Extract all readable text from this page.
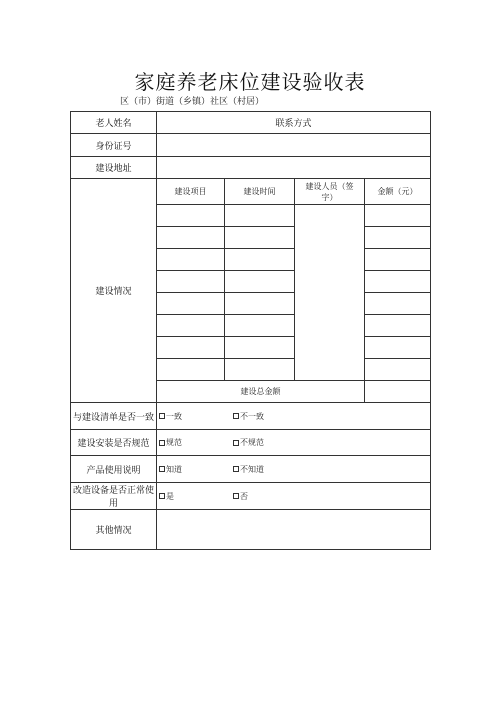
家庭养老床位建设验收表
区（市）街道（乡镇）社区（村居）
老人姓名	联系方式			
身份证号				
建设地址				
建设情况	建设项目	建设时间	建设人员（签
字）	金额（元）

	建设总金额			
与建设清单是否一致	一致 不一致			

建设安装是否规范	规范 不规范			

产品使用说明	知道 不知道			

改造设备是否正常使
用	是 否			

其他情况				
